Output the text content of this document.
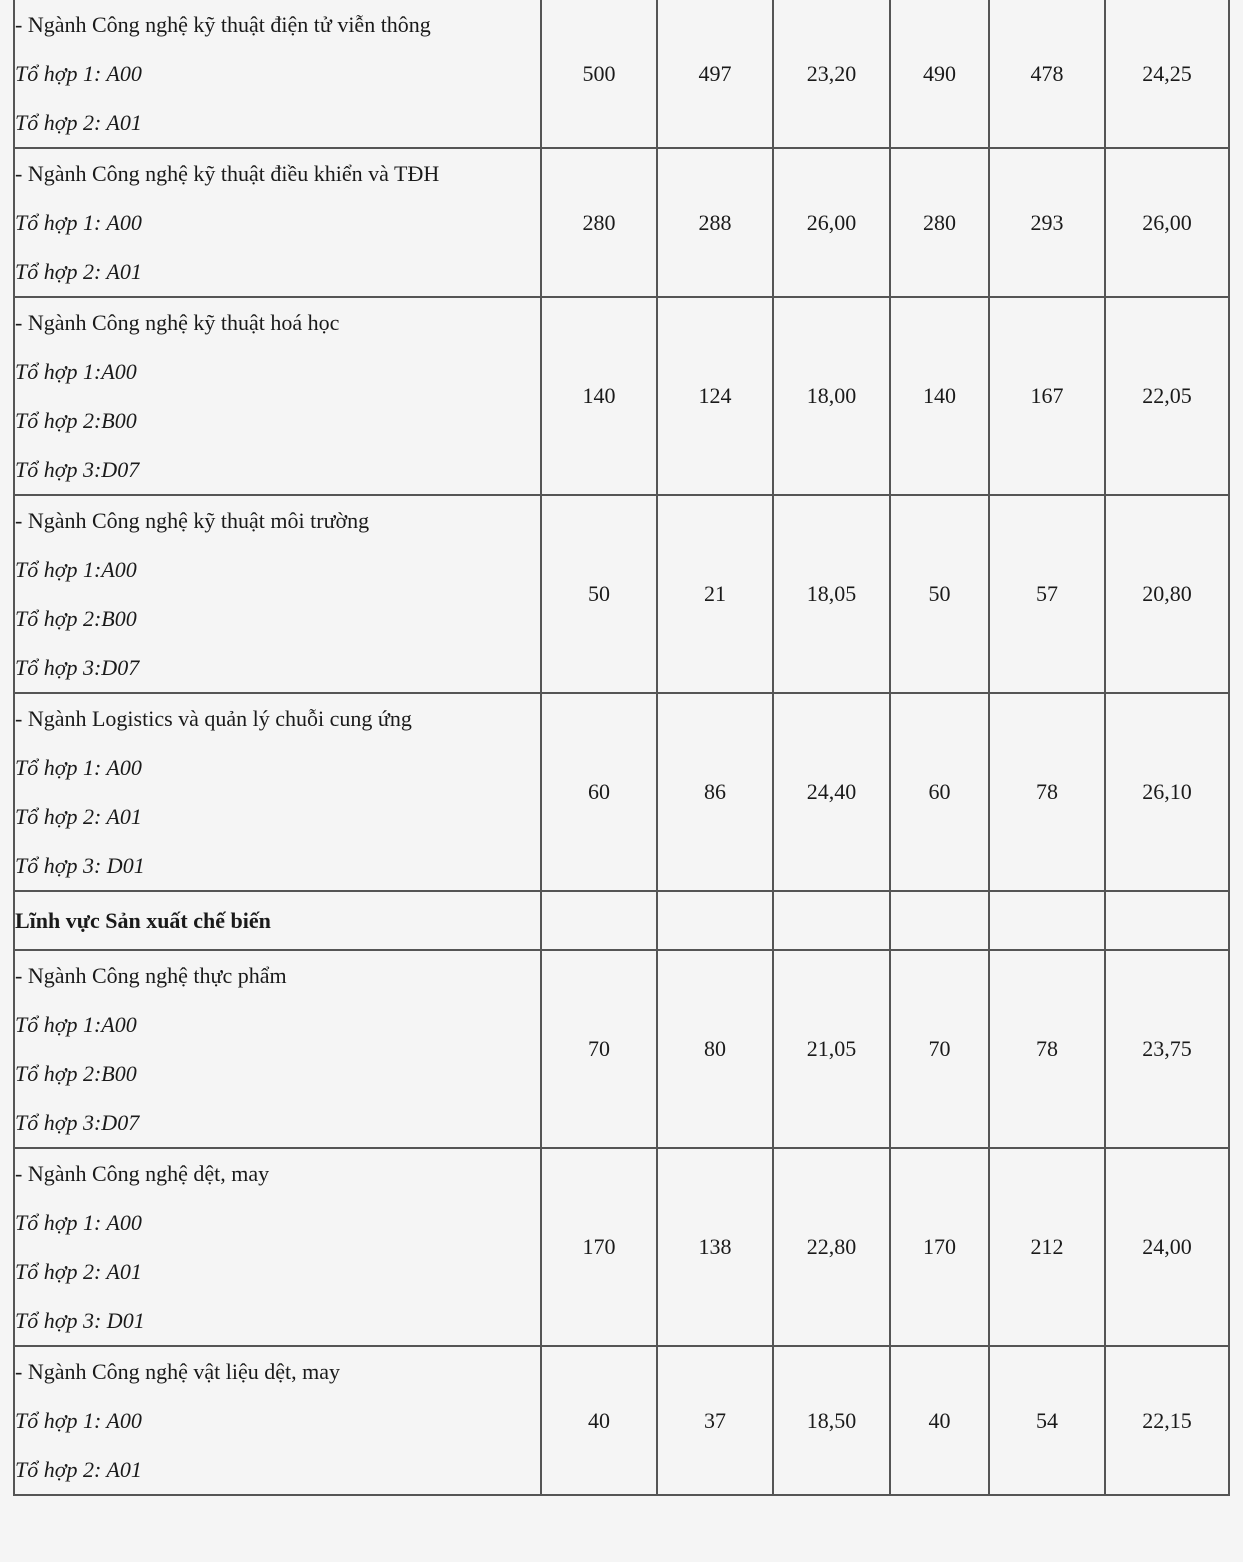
- Ngành Công nghệ kỹ thuật điện tử viễn thông
Tổ hợp 1: A00
Tổ hợp 2: A01	500	497	23,20	490	478	24,25

- Ngành Công nghệ kỹ thuật điều khiển và TĐH
Tổ hợp 1: A00
Tổ hợp 2: A01	280	288	26,00	280	293	26,00

- Ngành Công nghệ kỹ thuật hoá học
Tổ hợp 1:A00
Tổ hợp 2:B00
Tổ hợp 3:D07	140	124	18,00	140	167	22,05

- Ngành Công nghệ kỹ thuật môi trường
Tổ hợp 1:A00
Tổ hợp 2:B00
Tổ hợp 3:D07	50	21	18,05	50	57	20,80

- Ngành Logistics và quản lý chuỗi cung ứng
Tổ hợp 1: A00
Tổ hợp 2: A01
Tổ hợp 3: D01	60	86	24,40	60	78	26,10
Lĩnh vực Sản xuất chế biến						

- Ngành Công nghệ thực phẩm
Tổ hợp 1:A00
Tổ hợp 2:B00
Tổ hợp 3:D07	70	80	21,05	70	78	23,75

- Ngành Công nghệ dệt, may
Tổ hợp 1: A00
Tổ hợp 2: A01
Tổ hợp 3: D01	170	138	22,80	170	212	24,00

- Ngành Công nghệ vật liệu dệt, may
Tổ hợp 1: A00
Tổ hợp 2: A01	40	37	18,50	40	54	22,15
